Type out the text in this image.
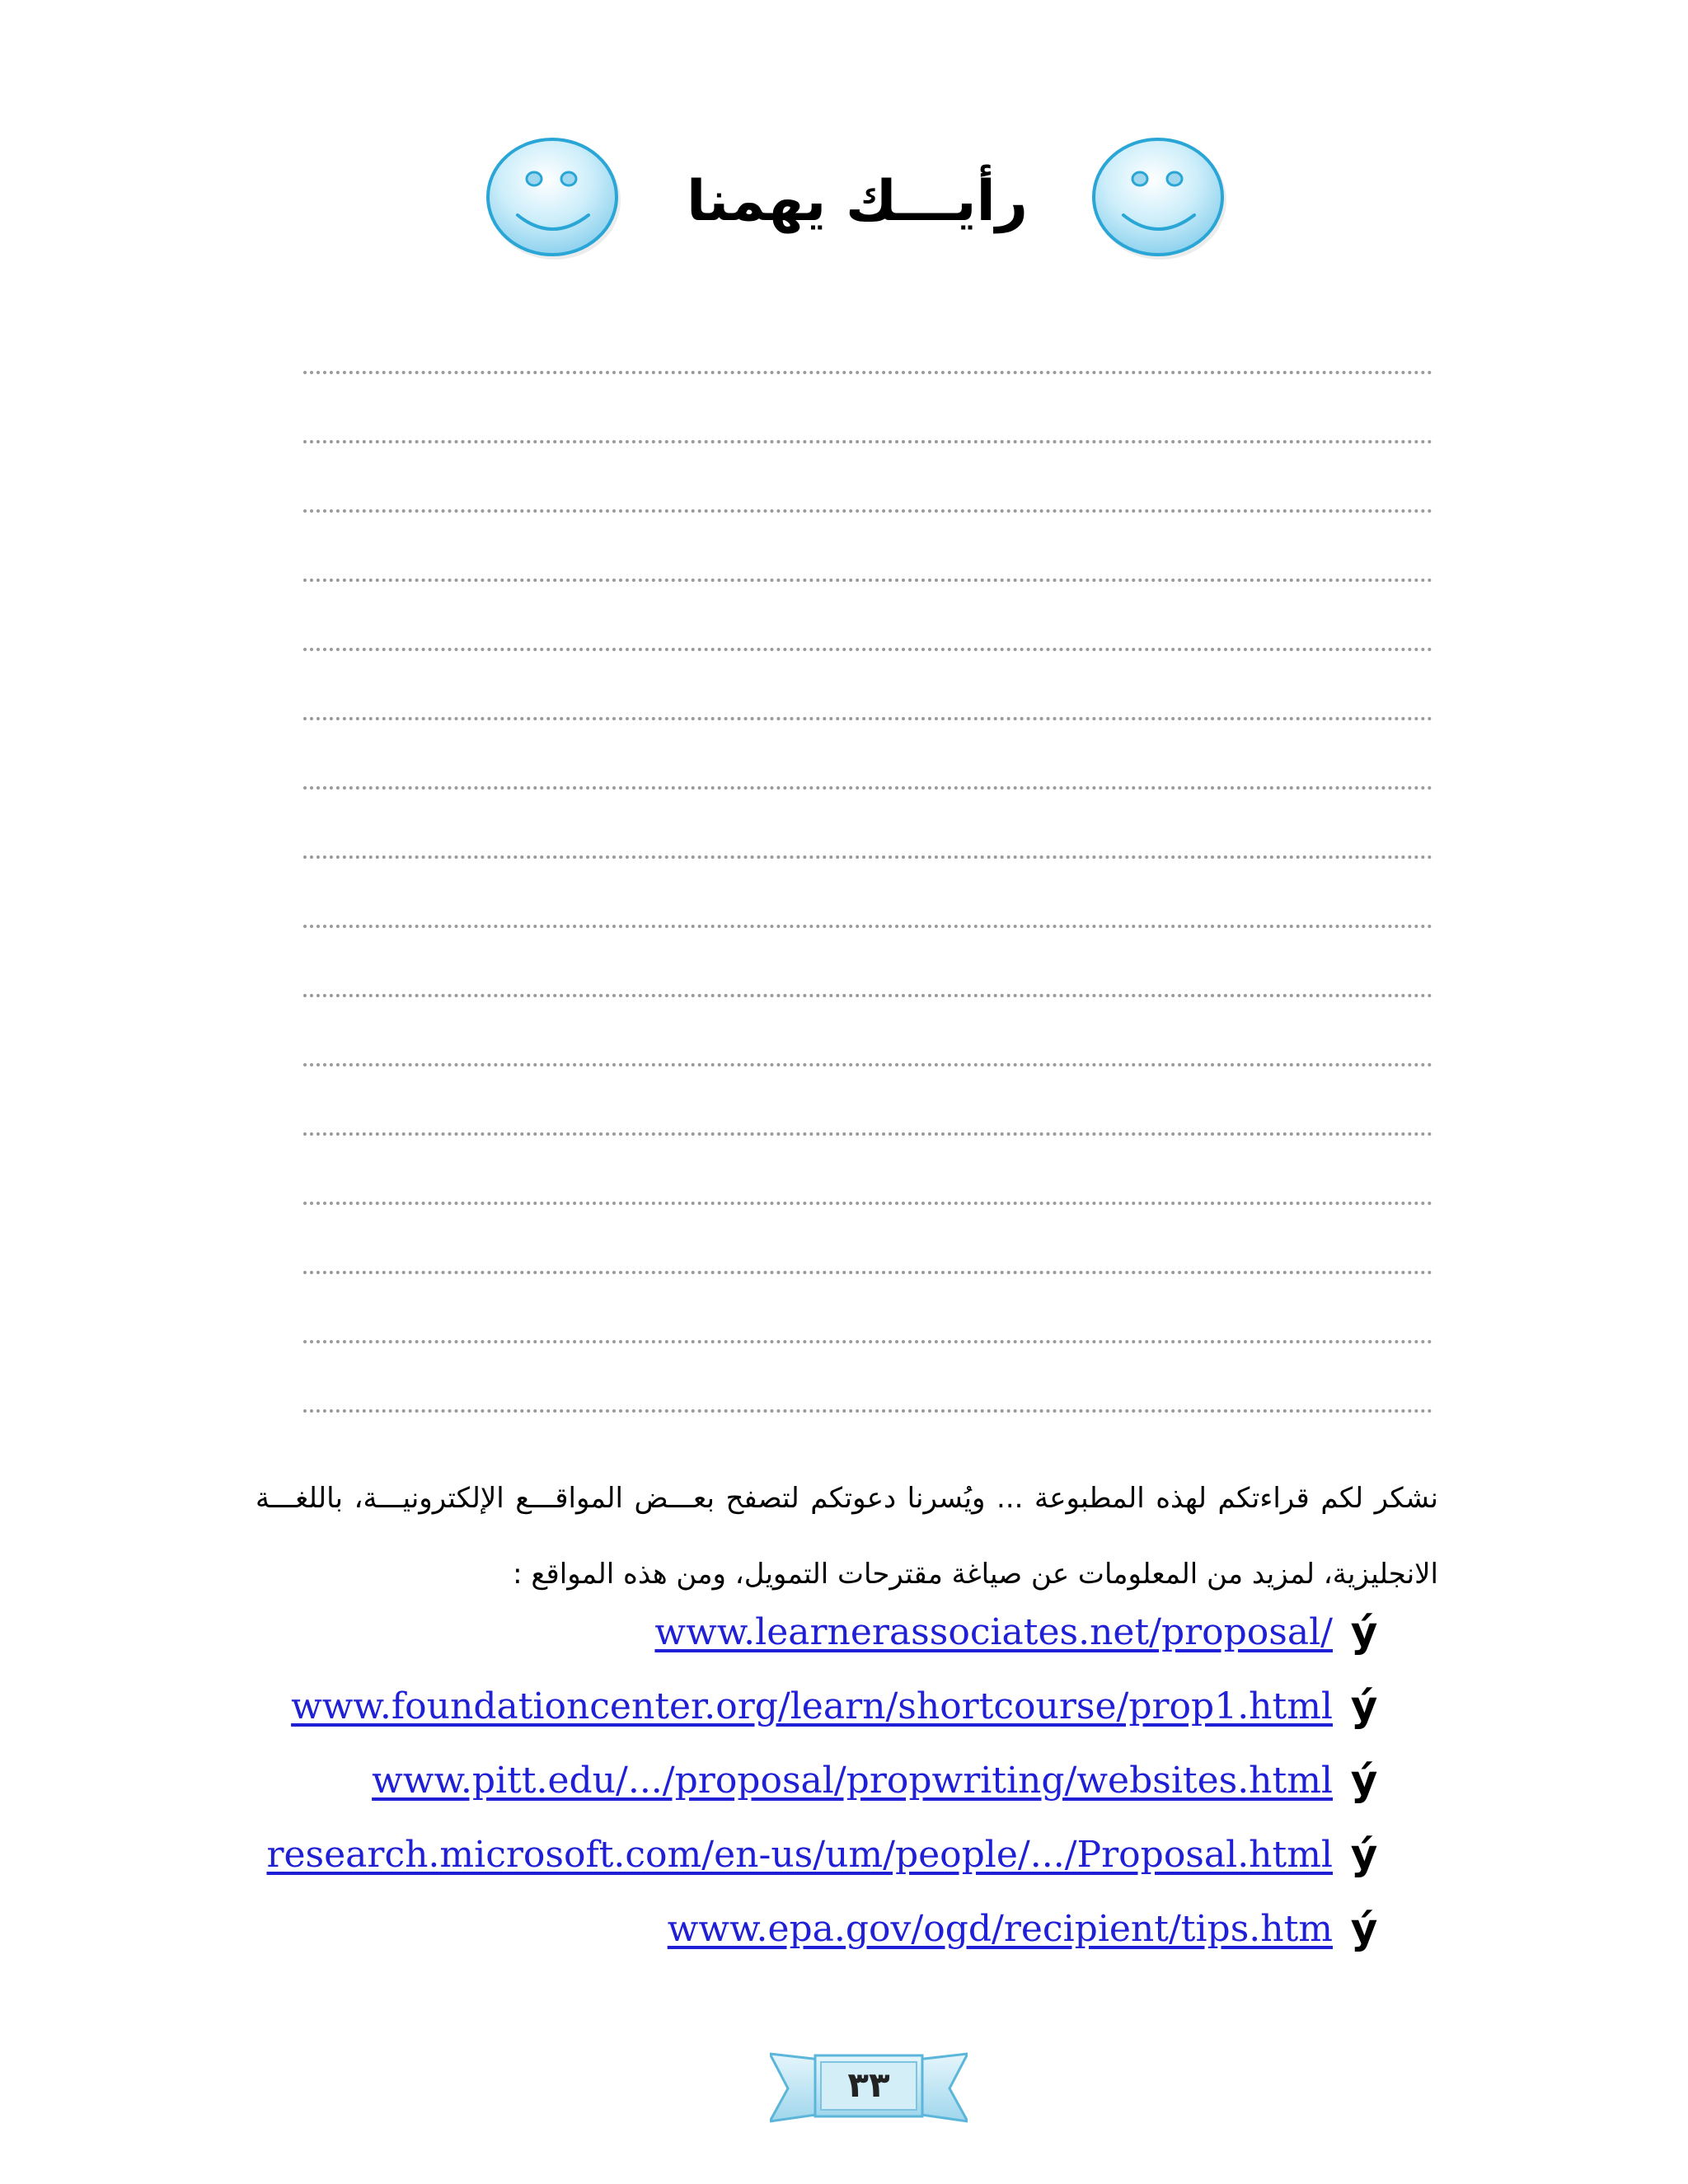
رأيـــك يهمنا
نشكر لكم قراءتكم لهذه المطبوعة ... ويُسرنا دعوتكم لتصفح بعـــض المواقـــع الإلكترونيـــة، باللغـــة الانجليزية، لمزيد من المعلومات عن صياغة مقترحات التمويل، ومن هذه المواقع :
www.learnerassociates.net/proposal/ ý
www.foundationcenter.org/learn/shortcourse/prop1.html ý
www.pitt.edu/.../proposal/propwriting/websites.html ý
research.microsoft.com/en-us/um/people/.../Proposal.html ý
www.epa.gov/ogd/recipient/tips.htm ý
٣٣
